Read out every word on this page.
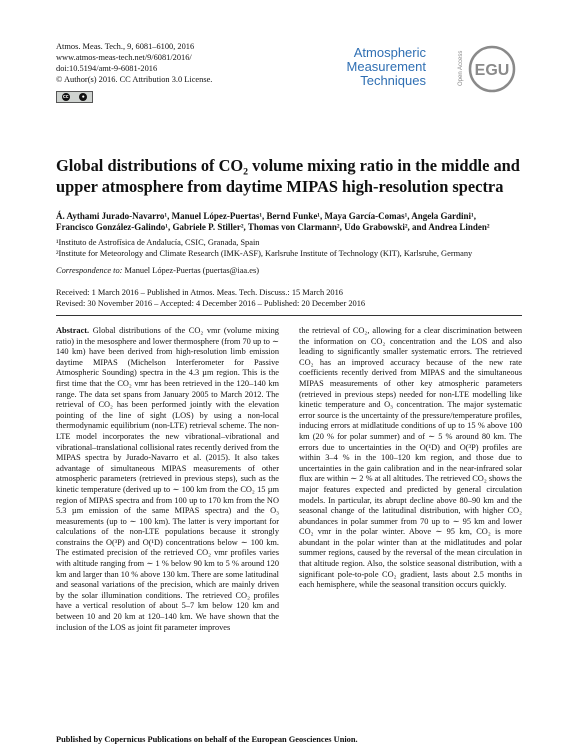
Atmos. Meas. Tech., 9, 6081–6100, 2016
www.atmos-meas-tech.net/9/6081/2016/
doi:10.5194/amt-9-6081-2016
© Author(s) 2016. CC Attribution 3.0 License.
cc	●
Atmospheric
Measurement
Techniques	Open Access EGU
Global distributions of CO₂ volume mixing ratio in the middle and
upper atmosphere from daytime MIPAS high-resolution spectra
Á. Aythami Jurado-Navarro¹, Manuel López-Puertas¹, Bernd Funke¹, Maya García-Comas¹, Angela Gardini¹,
Francisco González-Galindo¹, Gabriele P. Stiller², Thomas von Clarmann², Udo Grabowski², and Andrea Linden²
¹Instituto de Astrofísica de Andalucía, CSIC, Granada, Spain
²Institute for Meteorology and Climate Research (IMK-ASF), Karlsruhe Institute of Technology (KIT), Karlsruhe, Germany
Correspondence to: Manuel López-Puertas (puertas@iaa.es)
Received: 1 March 2016 – Published in Atmos. Meas. Tech. Discuss.: 15 March 2016
Revised: 30 November 2016 – Accepted: 4 December 2016 – Published: 20 December 2016
Abstract. Global distributions of the CO₂ vmr (volume mixing ratio) in the mesosphere and lower thermosphere (from 70 up to ∼ 140 km) have been derived from high-resolution limb emission daytime MIPAS (Michelson Interferometer for Passive Atmospheric Sounding) spectra in the 4.3 µm region. This is the first time that the CO₂ vmr has been retrieved in the 120–140 km range. The data set spans from January 2005 to March 2012. The retrieval of CO₂ has been performed jointly with the elevation pointing of the line of sight (LOS) by using a non-local thermodynamic equilibrium (non-LTE) retrieval scheme. The non-LTE model incorporates the new vibrational–vibrational and vibrational–translational collisional rates recently derived from the MIPAS spectra by Jurado-Navarro et al. (2015). It also takes advantage of simultaneous MIPAS measurements of other atmospheric parameters (retrieved in previous steps), such as the kinetic temperature (derived up to ∼ 100 km from the CO₂ 15 µm region of MIPAS spectra and from 100 up to 170 km from the NO 5.3 µm emission of the same MIPAS spectra) and the O₃ measurements (up to ∼ 100 km). The latter is very important for calculations of the non-LTE populations because it strongly constrains the O(³P) and O(¹D) concentrations below ∼ 100 km. The estimated precision of the retrieved CO₂ vmr profiles varies with altitude ranging from ∼ 1 % below 90 km to 5 % around 120 km and larger than 10 % above 130 km. There are some latitudinal and seasonal variations of the precision, which are mainly driven by the solar illumination conditions. The retrieved CO₂ profiles have a vertical resolution of about 5–7 km below 120 km and between 10 and 20 km at 120–140 km. We have shown that the inclusion of the LOS as joint fit parameter improves
the retrieval of CO₂, allowing for a clear discrimination between the information on CO₂ concentration and the LOS and also leading to significantly smaller systematic errors. The retrieved CO₂ has an improved accuracy because of the new rate coefficients recently derived from MIPAS and the simultaneous MIPAS measurements of other key atmospheric parameters (retrieved in previous steps) needed for non-LTE modelling like kinetic temperature and O₃ concentration. The major systematic error source is the uncertainty of the pressure/temperature profiles, inducing errors at midlatitude conditions of up to 15 % above 100 km (20 % for polar summer) and of ∼ 5 % around 80 km. The errors due to uncertainties in the O(¹D) and O(³P) profiles are within 3–4 % in the 100–120 km region, and those due to uncertainties in the gain calibration and in the near-infrared solar flux are within ∼ 2 % at all altitudes. The retrieved CO₂ shows the major features expected and predicted by general circulation models. In particular, its abrupt decline above 80–90 km and the seasonal change of the latitudinal distribution, with higher CO₂ abundances in polar summer from 70 up to ∼ 95 km and lower CO₂ vmr in the polar winter. Above ∼ 95 km, CO₂ is more abundant in the polar winter than at the midlatitudes and polar summer regions, caused by the reversal of the mean circulation in that altitude region. Also, the solstice seasonal distribution, with a significant pole-to-pole CO₂ gradient, lasts about 2.5 months in each hemisphere, while the seasonal transition occurs quickly.
Published by Copernicus Publications on behalf of the European Geosciences Union.
